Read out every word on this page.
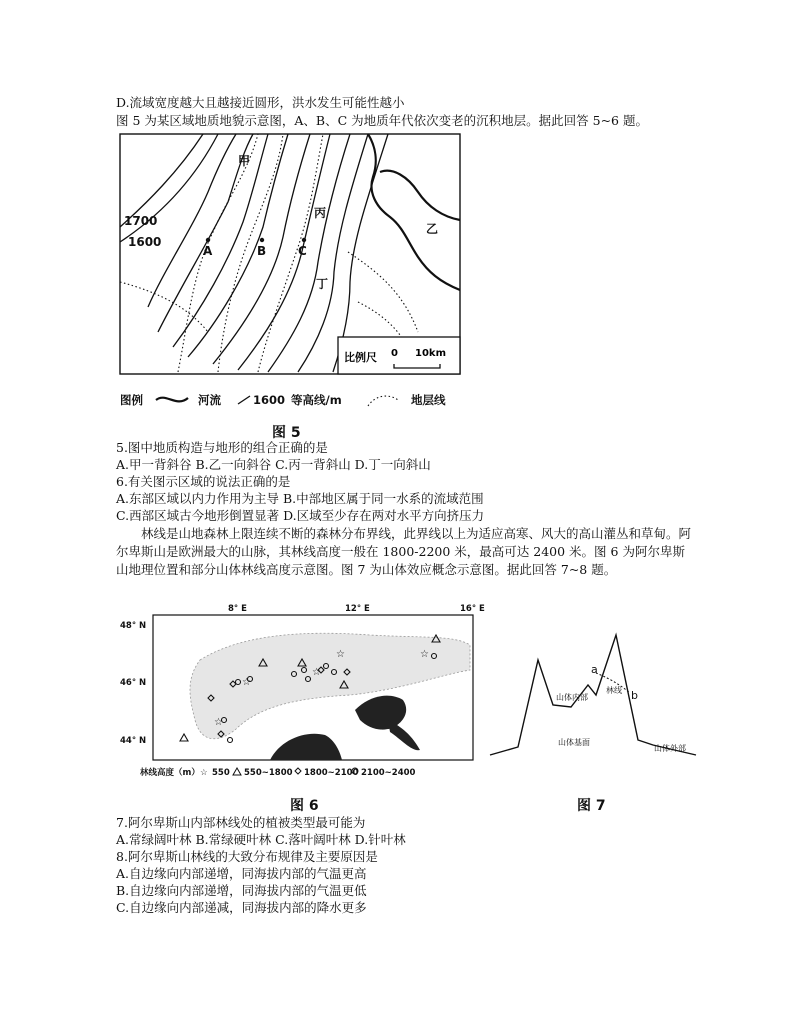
D.流域宽度越大且越接近圆形，洪水发生可能性越小
图 5 为某区域地质地貌示意图，A、B、C 为地质年代依次变老的沉积地层。据此回答 5~6 题。
1700
1600
甲
乙
丙
丁
A	B	C
比例尺 0 10km
图例	河流	1600 等高线/m	地层线
图 5
5.图中地质构造与地形的组合正确的是
A.甲一背斜谷 B.乙一向斜谷 C.丙一背斜山 D.丁一向斜山
6.有关图示区域的说法正确的是
A.东部区域以内力作用为主导 B.中部地区属于同一水系的流域范围
C.西部区域古今地形倒置显著 D.区域至少存在两对水平方向挤压力
林线是山地森林上限连续不断的森林分布界线，此界线以上为适应高寒、风大的高山灌丛和草甸。阿尔卑斯山是欧洲最大的山脉，其林线高度一般在 1800-2200 米，最高可达 2400 米。图 6 为阿尔卑斯山地理位置和部分山体林线高度示意图。图 7 为山体效应概念示意图。据此回答 7~8 题。
8° E	12° E	16° E
48° N
46° N
44° N
☆
☆
☆
☆	☆
林线高度（m） ☆ 550 550~1800 1800~2100 2100~2400
a
b
山体内部
林线
山体基面
山体外部
图 6	图 7
7.阿尔卑斯山内部林线处的植被类型最可能为
A.常绿阔叶林 B.常绿硬叶林 C.落叶阔叶林 D.针叶林
8.阿尔卑斯山林线的大致分布规律及主要原因是
A.自边缘向内部递增，同海拔内部的气温更高
B.自边缘向内部递增，同海拔内部的气温更低
C.自边缘向内部递减，同海拔内部的降水更多
